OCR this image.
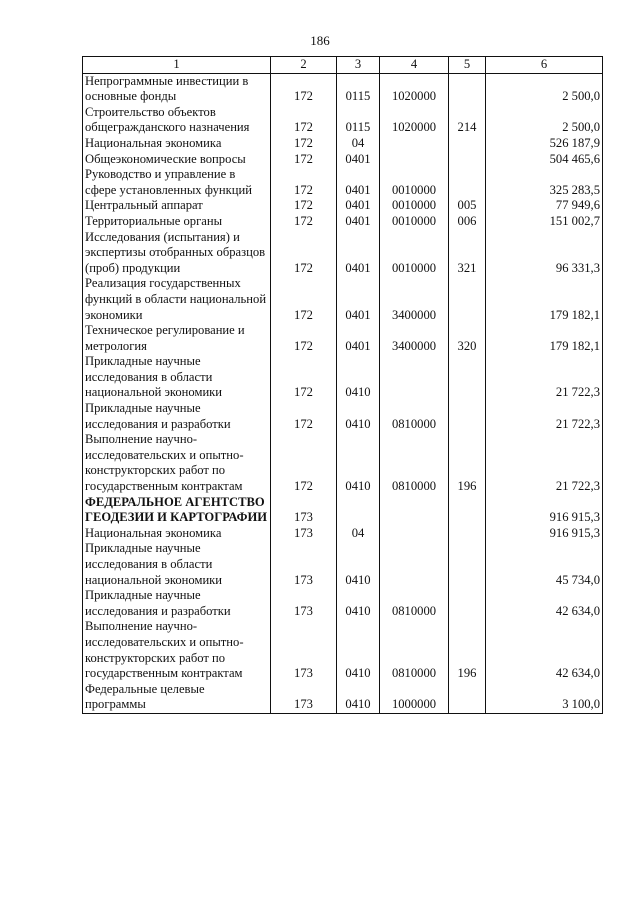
186
1	2	3	4	5	6
Непрограммные инвестиции в основные фонды	172	0115	1020000		2 500,0
Строительство объектов общегражданского назначения	172	0115	1020000	214	2 500,0
Национальная экономика	172	04			526 187,9
Общеэкономические вопросы	172	0401			504 465,6
Руководство и управление в сфере установленных функций	172	0401	0010000		325 283,5
Центральный аппарат	172	0401	0010000	005	77 949,6
Территориальные органы	172	0401	0010000	006	151 002,7
Исследования (испытания) и экспертизы отобранных образцов (проб) продукции	172	0401	0010000	321	96 331,3
Реализация государственных функций в области национальной экономики	172	0401	3400000		179 182,1
Техническое регулирование и метрология	172	0401	3400000	320	179 182,1
Прикладные научные исследования в области национальной экономики	172	0410			21 722,3
Прикладные научные исследования и разработки	172	0410	0810000		21 722,3
Выполнение научно-исследовательских и опытно-конструкторских работ по государственным контрактам	172	0410	0810000	196	21 722,3
ФЕДЕРАЛЬНОЕ АГЕНТСТВО ГЕОДЕЗИИ И КАРТОГРАФИИ	173				916 915,3
Национальная экономика	173	04			916 915,3
Прикладные научные исследования в области национальной экономики	173	0410			45 734,0
Прикладные научные исследования и разработки	173	0410	0810000		42 634,0
Выполнение научно-исследовательских и опытно-конструкторских работ по государственным контрактам	173	0410	0810000	196	42 634,0
Федеральные целевые программы	173	0410	1000000		3 100,0
